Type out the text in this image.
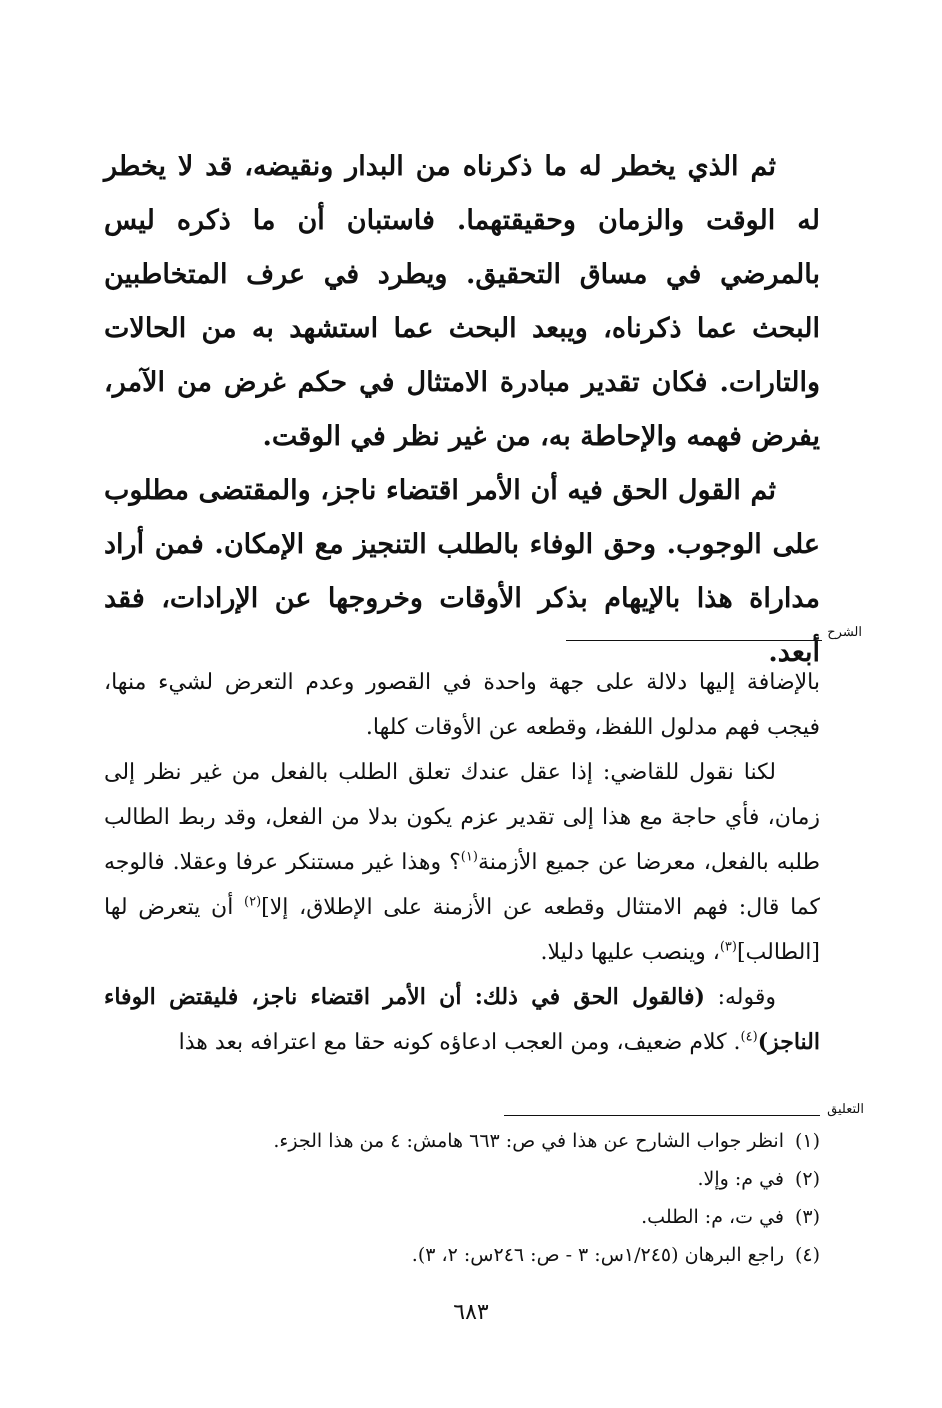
ثم الذي يخطر له ما ذكرناه من البدار ونقيضه، قد لا يخطر له الوقت والزمان وحقيقتهما. فاستبان أن ما ذكره ليس بالمرضي في مساق التحقيق. ويطرد في عرف المتخاطبين البحث عما ذكرناه، ويبعد البحث عما استشهد به من الحالات والتارات. فكان تقدير مبادرة الامتثال في حكم غرض من الآمر، يفرض فهمه والإحاطة به، من غير نظر في الوقت.

ثم القول الحق فيه أن الأمر اقتضاء ناجز، والمقتضى مطلوب على الوجوب. وحق الوفاء بالطلب التنجيز مع الإمكان. فمن أراد مداراة هذا بالإيهام بذكر الأوقات وخروجها عن الإرادات، فقد أبعد.

الشرح

بالإضافة إليها دلالة على جهة واحدة في القصور وعدم التعرض لشيء منها، فيجب فهم مدلول اللفظ، وقطعه عن الأوقات كلها.

لكنا نقول للقاضي: إذا عقل عندك تعلق الطلب بالفعل من غير نظر إلى زمان، فأي حاجة مع هذا إلى تقدير عزم يكون بدلا من الفعل، وقد ربط الطالب طلبه بالفعل، معرضا عن جميع الأزمنة$^{(١)}$؟ وهذا غير مستنكر عرفا وعقلا. فالوجه كما قال: فهم الامتثال وقطعه عن الأزمنة على الإطلاق، إلا]$^{(٢)}$ أن يتعرض لها [الطالب]$^{(٣)}$، وينصب عليها دليلا.

وقوله: (فالقول الحق في ذلك: أن الأمر اقتضاء ناجز، فليقتض الوفاء الناجز)$^{(٤)}$. كلام ضعيف، ومن العجب ادعاؤه كونه حقا مع اعترافه بعد هذا

التعليق
(١)انظر جواب الشارح عن هذا في ص: ٦٦٣ هامش: ٤ من هذا الجزء.
(٢)في م: وإلا.
(٣)في ت، م: الطلب.
(٤)راجع البرهان (١/٢٤٥س: ٣ - ص: ٢٤٦س: ٢، ٣).
٦٨٣
